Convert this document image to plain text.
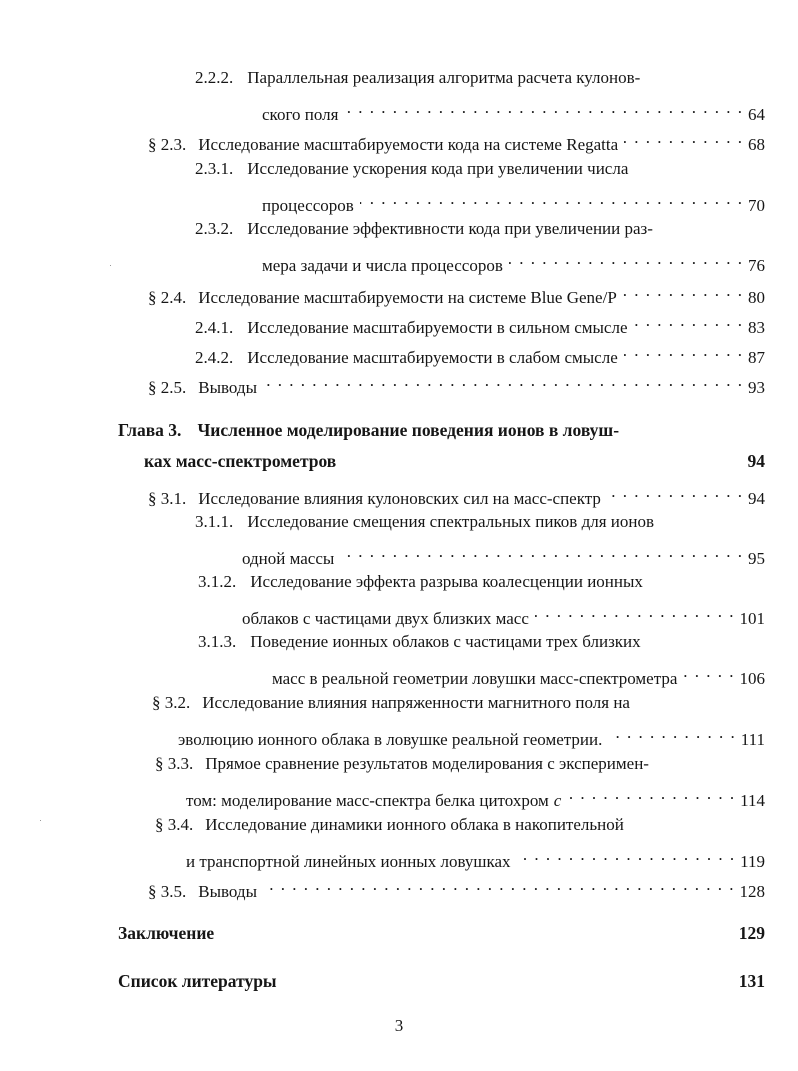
2.2.2. Параллельная реализация алгоритма расчета кулонов-
ского поля . . .	64
§ 2.3. Исследование масштабируемости кода на системе Regatta . . .	68
2.3.1. Исследование ускорения кода при увеличении числа
процессоров . . .	70
2.3.2. Исследование эффективности кода при увеличении раз-
мера задачи и числа процессоров . . .	76
§ 2.4. Исследование масштабируемости на системе Blue Gene/P . . .	80
2.4.1. Исследование масштабируемости в сильном смысле . . .	83
2.4.2. Исследование масштабируемости в слабом смысле . . .	87
§ 2.5. Выводы . . .	93
Глава 3. Численное моделирование поведения ионов в ловуш-
ках масс-спектрометров	94
§ 3.1. Исследование влияния кулоновских сил на масс-спектр . . .	94
3.1.1. Исследование смещения спектральных пиков для ионов
одной массы . . .	95
3.1.2. Исследование эффекта разрыва коалесценции ионных
облаков с частицами двух близких масс . . .	101
3.1.3. Поведение ионных облаков с частицами трех близких
масс в реальной геометрии ловушки масс-спектрометра . . .	106
§ 3.2. Исследование влияния напряженности магнитного поля на
эволюцию ионного облака в ловушке реальной геометрии. . . .	111
§ 3.3. Прямое сравнение результатов моделирования с эксперимен-
том: моделирование масс-спектра белка цитохром c . . .	114
§ 3.4. Исследование динамики ионного облака в накопительной
и транспортной линейных ионных ловушках . . .	119
§ 3.5. Выводы . . .	128
Заключение	129
Список литературы	131
3
